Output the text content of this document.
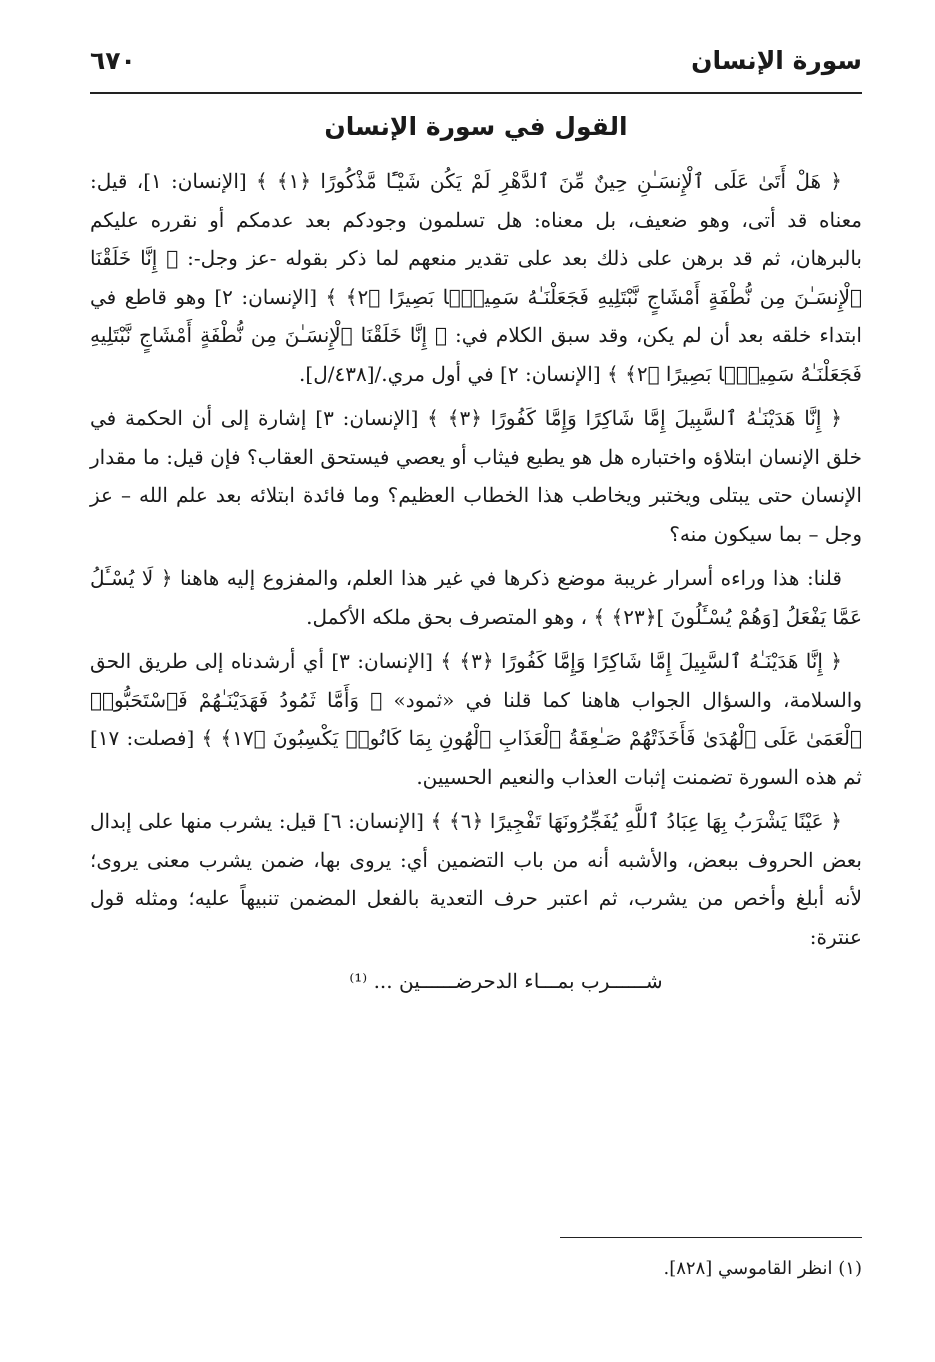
سورة الإنسان
٦٧٠
القول في سورة الإنسان

﴿ هَلْ أَتَىٰ عَلَى ٱلْإِنسَـٰنِ حِينٌ مِّنَ ٱلدَّهْرِ لَمْ يَكُن شَيْـًٔا مَّذْكُورًا ﴿١﴾ ﴾ [الإنسان: ١]، قيل: معناه قد أتى، وهو ضعيف، بل معناه: هل تسلمون وجودكم بعد عدمكم أو نقرره عليكم بالبرهان، ثم قد برهن على ذلك بعد على تقدير منعهم لما ذكر بقوله -عز وجل-: ﴿ إِنَّا خَلَقْنَا ٱلْإِنسَـٰنَ مِن نُّطْفَةٍ أَمْشَاجٍ نَّبْتَلِيهِ فَجَعَلْنَـٰهُ سَمِيعًۢا بَصِيرًا ﴿٢﴾ ﴾ [الإنسان: ٢] وهو قاطع في ابتداء خلقه بعد أن لم يكن، وقد سبق الكلام في: ﴿ إِنَّا خَلَقْنَا ٱلْإِنسَـٰنَ مِن نُّطْفَةٍ أَمْشَاجٍ نَّبْتَلِيهِ فَجَعَلْنَـٰهُ سَمِيعًۢا بَصِيرًا ﴿٢﴾ ﴾ [الإنسان: ٢] في أول مري./[٤٣٨/ل].

﴿ إِنَّا هَدَيْنَـٰهُ ٱلسَّبِيلَ إِمَّا شَاكِرًا وَإِمَّا كَفُورًا ﴿٣﴾ ﴾ [الإنسان: ٣] إشارة إلى أن الحكمة في خلق الإنسان ابتلاؤه واختباره هل هو يطيع فيثاب أو يعصي فيستحق العقاب؟ فإن قيل: ما مقدار الإنسان حتى يبتلى ويختبر ويخاطب هذا الخطاب العظيم؟ وما فائدة ابتلائه بعد علم الله – عز وجل – بما سيكون منه؟

قلنا: هذا وراءه أسرار غريبة موضع ذكرها في غير هذا العلم، والمفزوع إليه هاهنا ﴿ لَا يُسْـَٔلُ عَمَّا يَفْعَلُ [وَهُمْ يُسْـَٔلُونَ ]﴿٢٣﴾ ﴾ ، وهو المتصرف بحق ملكه الأكمل.

﴿ إِنَّا هَدَيْنَـٰهُ ٱلسَّبِيلَ إِمَّا شَاكِرًا وَإِمَّا كَفُورًا ﴿٣﴾ ﴾ [الإنسان: ٣] أي أرشدناه إلى طريق الحق والسلامة، والسؤال الجواب هاهنا كما قلنا في «ثمود» ﴿ وَأَمَّا ثَمُودُ فَهَدَيْنَـٰهُمْ فَٱسْتَحَبُّوا۟ ٱلْعَمَىٰ عَلَى ٱلْهُدَىٰ فَأَخَذَتْهُمْ صَـٰعِقَةُ ٱلْعَذَابِ ٱلْهُونِ بِمَا كَانُوا۟ يَكْسِبُونَ ﴿١٧﴾ ﴾ [فصلت: ١٧] ثم هذه السورة تضمنت إثبات العذاب والنعيم الحسيين.

﴿ عَيْنًا يَشْرَبُ بِهَا عِبَادُ ٱللَّهِ يُفَجِّرُونَهَا تَفْجِيرًا ﴿٦﴾ ﴾ [الإنسان: ٦] قيل: يشرب منها على إبدال بعض الحروف ببعض، والأشبه أنه من باب التضمين أي: يروى بها، ضمن يشرب معنى يروى؛ لأنه أبلغ وأخص من يشرب، ثم اعتبر حرف التعدية بالفعل المضمن تنبيهاً عليه؛ ومثله قول عنترة:

شــــــرب بمـــاء الدحرضــــــين ... ⁽¹⁾

(١) انظر القاموسي [٨٢٨].
